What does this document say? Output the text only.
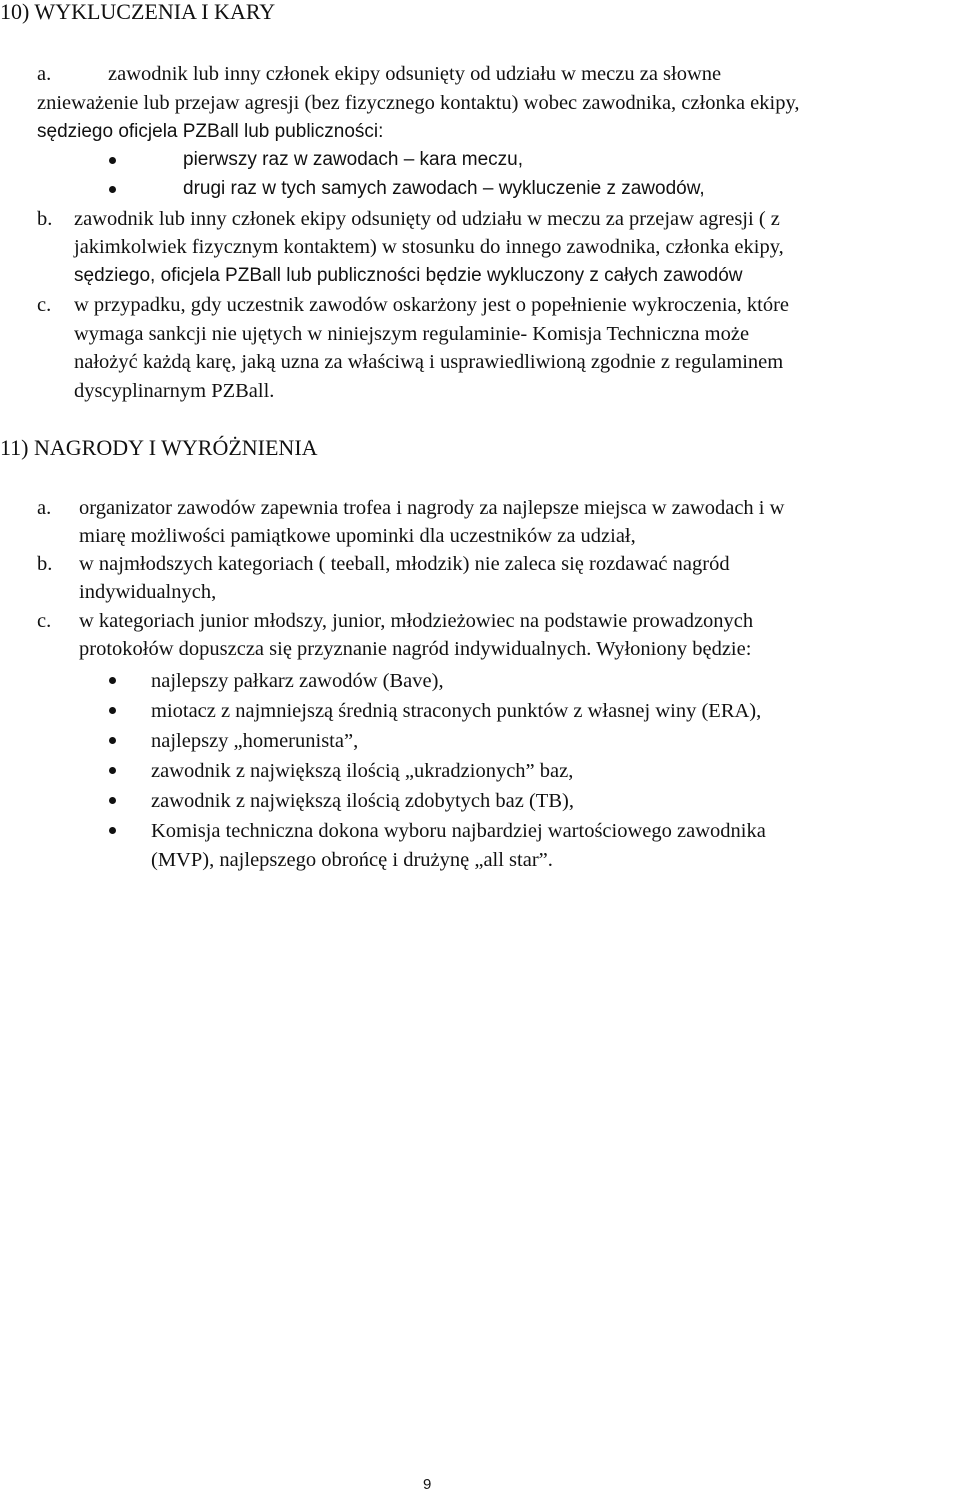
10) WYKLUCZENIA I KARY
a.	zawodnik lub inny członek ekipy odsunięty od udziału w meczu za słowne
znieważenie lub przejaw agresji (bez fizycznego kontaktu) wobec zawodnika, członka ekipy,
sędziego oficjela PZBall lub publiczności:
pierwszy raz w zawodach – kara meczu,
drugi raz w tych samych zawodach – wykluczenie z zawodów,
b. zawodnik lub inny członek ekipy odsunięty od udziału w meczu za przejaw agresji ( z
jakimkolwiek fizycznym kontaktem) w stosunku do innego zawodnika, członka ekipy,
sędziego, oficjela PZBall lub publiczności będzie wykluczony z całych zawodów
c. w przypadku, gdy uczestnik zawodów oskarżony jest o popełnienie wykroczenia, które
wymaga sankcji nie ujętych w niniejszym regulaminie- Komisja Techniczna może
nałożyć każdą karę, jaką uzna za właściwą i usprawiedliwioną zgodnie z regulaminem
dyscyplinarnym PZBall.
11) NAGRODY I WYRÓŻNIENIA
a. organizator zawodów zapewnia trofea i nagrody za najlepsze miejsca w zawodach i w
miarę możliwości pamiątkowe upominki dla uczestników za udział,
b. w najmłodszych kategoriach ( teeball, młodzik) nie zaleca się rozdawać nagród
indywidualnych,
c. w kategoriach junior młodszy, junior, młodzieżowiec na podstawie prowadzonych
protokołów dopuszcza się przyznanie nagród indywidualnych. Wyłoniony będzie:
najlepszy pałkarz zawodów (Bave),
miotacz z najmniejszą średnią straconych punktów z własnej winy (ERA),
najlepszy „homerunista”,
zawodnik z największą ilością „ukradzionych” baz,
zawodnik z największą ilością zdobytych baz (TB),
Komisja techniczna dokona wyboru najbardziej wartościowego zawodnika
(MVP), najlepszego obrońcę i drużynę „all star”.
9
